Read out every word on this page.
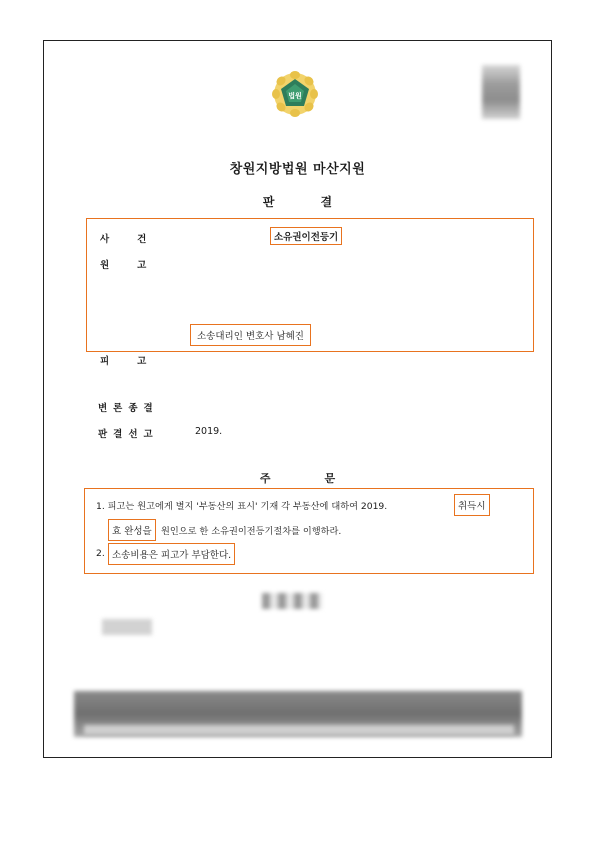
법원
창원지방법원 마산지원
판결
사건	소유권이전등기
원고
소송대리인 변호사 남혜진
피고
변론종결
판결선고	2019.
주문
1. 피고는 원고에게 별지 '부동산의 표시' 기재 각 부동산에 대하여 2019.	취득시
효 완성을	원인으로 한 소유권이전등기절차를 이행하라.
2. 소송비용은 피고가 부담한다.
